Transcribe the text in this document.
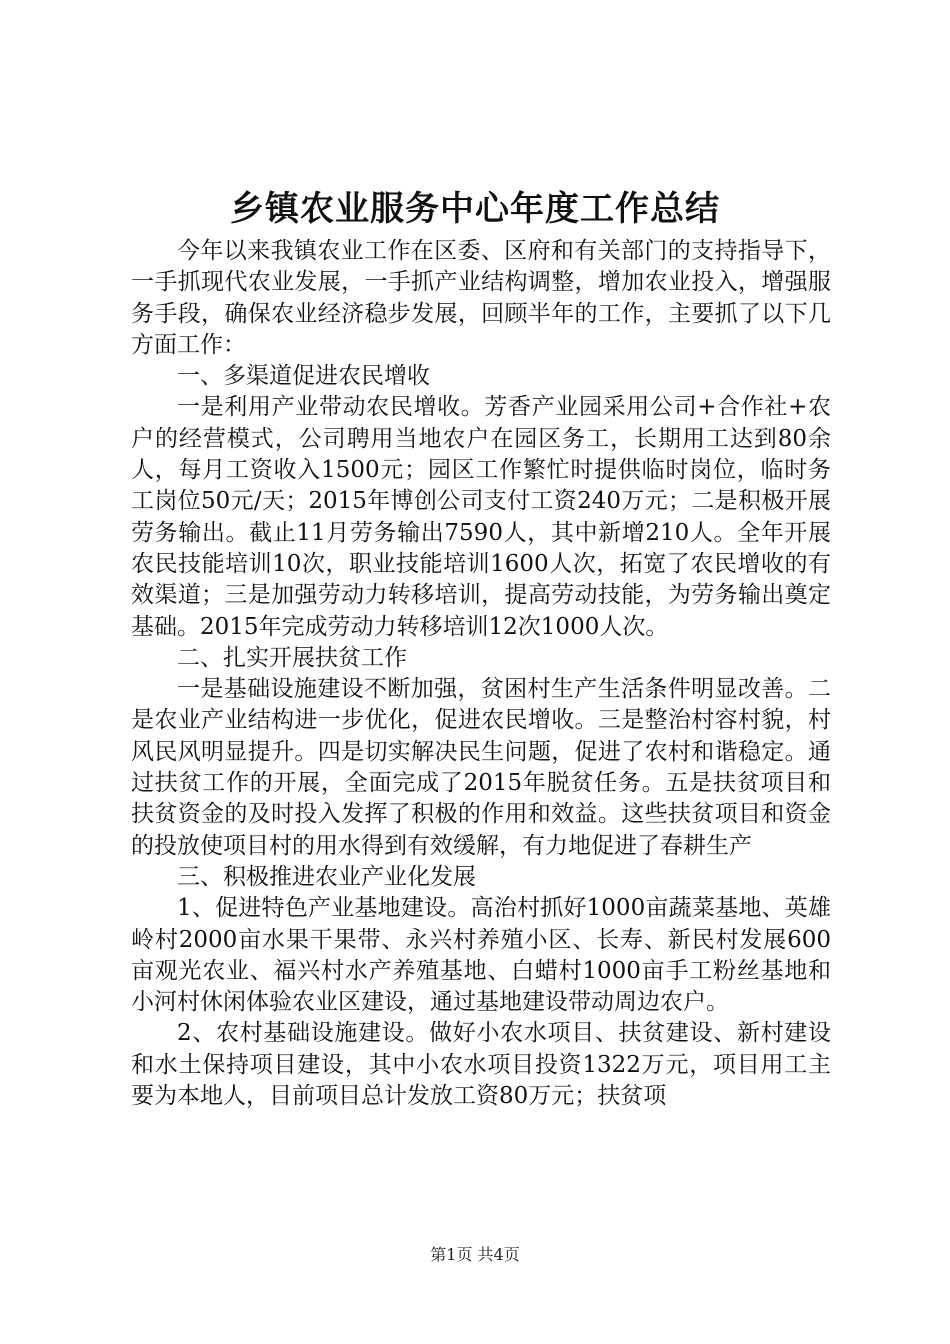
乡镇农业服务中心年度工作总结

今年以来我镇农业工作在区委、区府和有关部门的支持指导下，一手抓现代农业发展，一手抓产业结构调整，增加农业投入，增强服务手段，确保农业经济稳步发展，回顾半年的工作，主要抓了以下几方面工作：

一、多渠道促进农民增收

一是利用产业带动农民增收。芳香产业园采用公司+合作社+农户的经营模式，公司聘用当地农户在园区务工，长期用工达到80余人，每月工资收入1500元；园区工作繁忙时提供临时岗位，临时务工岗位50元/天；2015年博创公司支付工资240万元；二是积极开展劳务输出。截止11月劳务输出7590人，其中新增210人。全年开展农民技能培训10次，职业技能培训1600人次，拓宽了农民增收的有效渠道；三是加强劳动力转移培训，提高劳动技能，为劳务输出奠定基础。2015年完成劳动力转移培训12次1000人次。

二、扎实开展扶贫工作

一是基础设施建设不断加强，贫困村生产生活条件明显改善。二是农业产业结构进一步优化，促进农民增收。三是整治村容村貌，村风民风明显提升。四是切实解决民生问题，促进了农村和谐稳定。通过扶贫工作的开展，全面完成了2015年脱贫任务。五是扶贫项目和扶贫资金的及时投入发挥了积极的作用和效益。这些扶贫项目和资金的投放使项目村的用水得到有效缓解，有力地促进了春耕生产

三、积极推进农业产业化发展

1、促进特色产业基地建设。高治村抓好1000亩蔬菜基地、英雄岭村2000亩水果干果带、永兴村养殖小区、长寿、新民村发展600亩观光农业、福兴村水产养殖基地、白蜡村1000亩手工粉丝基地和小河村休闲体验农业区建设，通过基地建设带动周边农户。

2、农村基础设施建设。做好小农水项目、扶贫建设、新村建设和水土保持项目建设，其中小农水项目投资1322万元，项目用工主要为本地人，目前项目总计发放工资80万元；扶贫项

第1页 共4页
